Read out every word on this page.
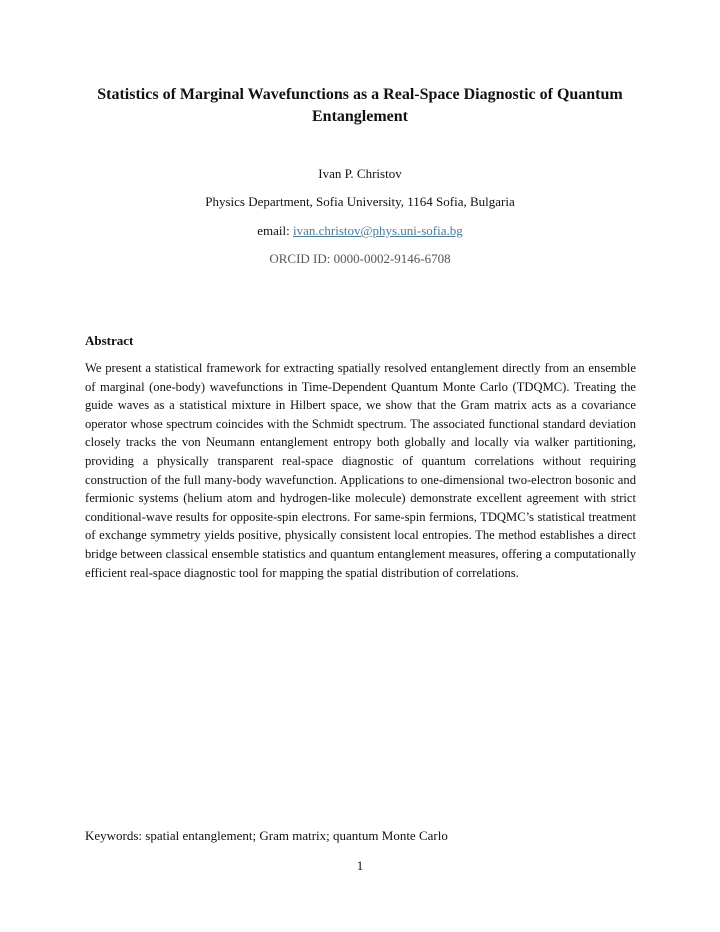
Statistics of Marginal Wavefunctions as a Real-Space Diagnostic of Quantum Entanglement
Ivan P. Christov
Physics Department, Sofia University, 1164 Sofia, Bulgaria
email: ivan.christov@phys.uni-sofia.bg
ORCID ID: 0000-0002-9146-6708
Abstract

We present a statistical framework for extracting spatially resolved entanglement directly from an ensemble of marginal (one-body) wavefunctions in Time-Dependent Quantum Monte Carlo (TDQMC). Treating the guide waves as a statistical mixture in Hilbert space, we show that the Gram matrix acts as a covariance operator whose spectrum coincides with the Schmidt spectrum. The associated functional standard deviation closely tracks the von Neumann entanglement entropy both globally and locally via walker partitioning, providing a physically transparent real-space diagnostic of quantum correlations without requiring construction of the full many-body wavefunction. Applications to one-dimensional two-electron bosonic and fermionic systems (helium atom and hydrogen-like molecule) demonstrate excellent agreement with strict conditional-wave results for opposite-spin electrons. For same-spin fermions, TDQMC’s statistical treatment of exchange symmetry yields positive, physically consistent local entropies. The method establishes a direct bridge between classical ensemble statistics and quantum entanglement measures, offering a computationally efficient real-space diagnostic tool for mapping the spatial distribution of correlations.

Keywords: spatial entanglement; Gram matrix; quantum Monte Carlo
1
